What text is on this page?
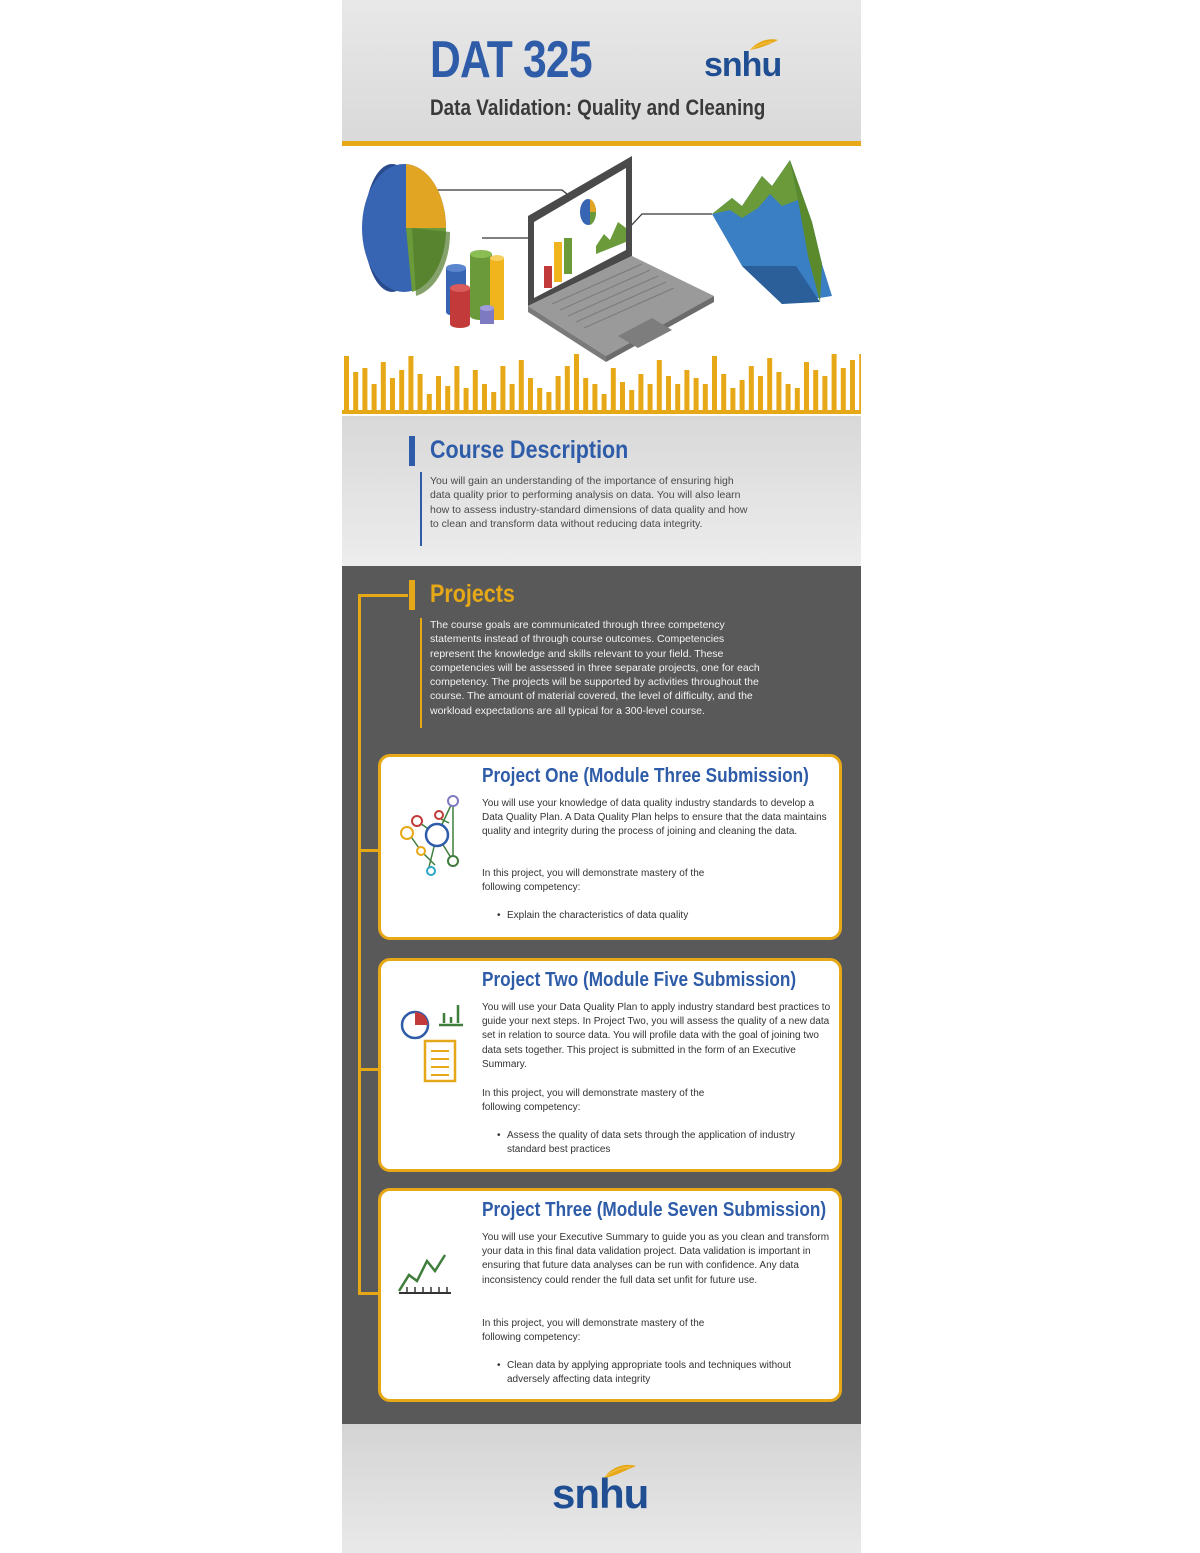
DAT 325
Data Validation: Quality and Cleaning
snhu
Course Description
You will gain an understanding of the importance of ensuring high data quality prior to performing analysis on data. You will also learn how to assess industry-standard dimensions of data quality and how to clean and transform data without reducing data integrity.
Projects
The course goals are communicated through three competency statements instead of through course outcomes. Competencies represent the knowledge and skills relevant to your field. These competencies will be assessed in three separate projects, one for each competency. The projects will be supported by activities throughout the course. The amount of material covered, the level of difficulty, and the workload expectations are all typical for a 300-level course.
Project One (Module Three Submission)
You will use your knowledge of data quality industry standards to develop a Data Quality Plan. A Data Quality Plan helps to ensure that the data maintains quality and integrity during the process of joining and cleaning the data.
In this project, you will demonstrate mastery of the following competency:
• Explain the characteristics of data quality
Project Two (Module Five Submission)
You will use your Data Quality Plan to apply industry standard best practices to guide your next steps. In Project Two, you will assess the quality of a new data set in relation to source data. You will profile data with the goal of joining two data sets together. This project is submitted in the form of an Executive Summary.
In this project, you will demonstrate mastery of the following competency:
• Assess the quality of data sets through the application of industry standard best practices
Project Three (Module Seven Submission)
You will use your Executive Summary to guide you as you clean and transform your data in this final data validation project. Data validation is important in ensuring that future data analyses can be run with confidence. Any data inconsistency could render the full data set unfit for future use.
In this project, you will demonstrate mastery of the following competency:
• Clean data by applying appropriate tools and techniques without adversely affecting data integrity
snhu
